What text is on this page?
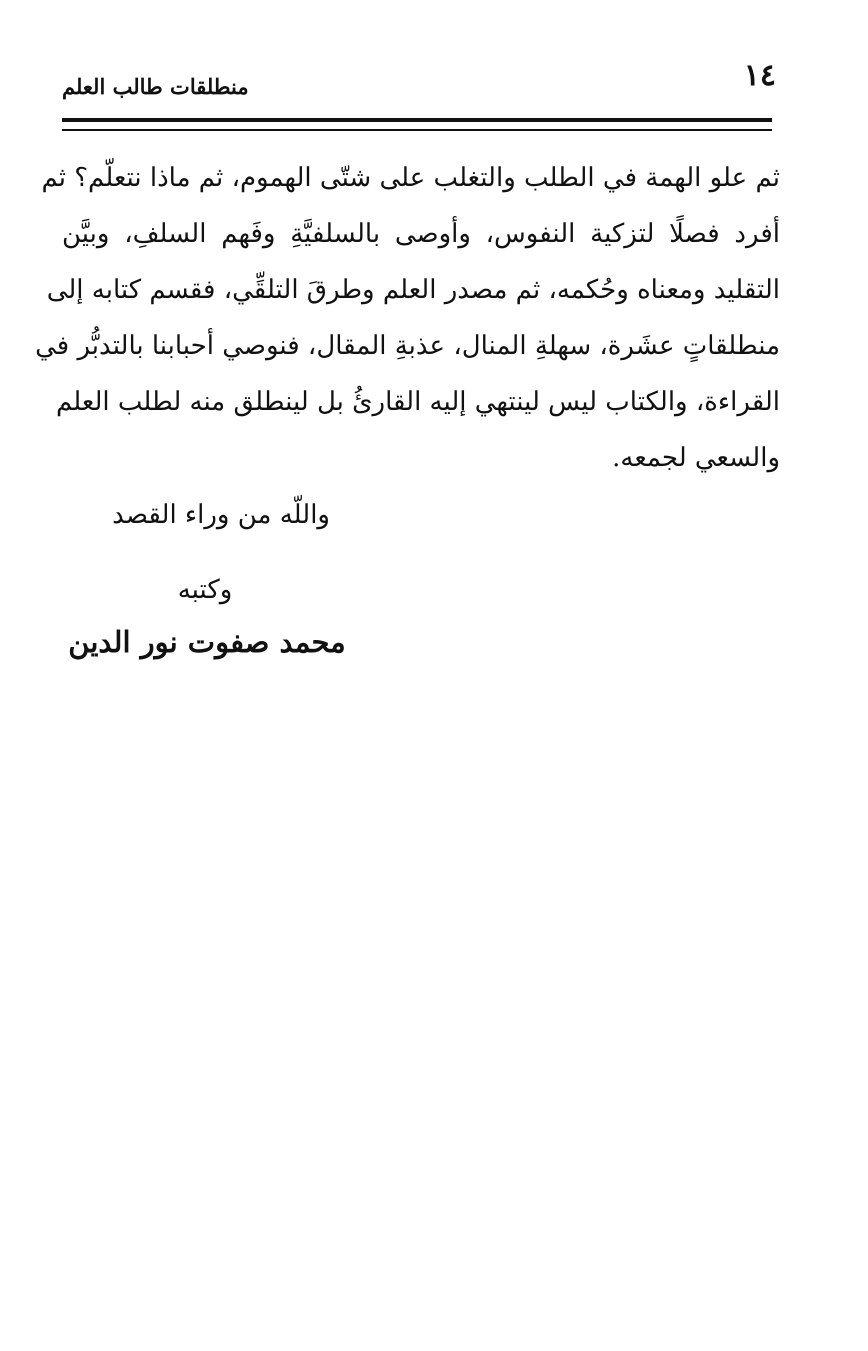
منطلقات طالب العلم	١٤
ثم علو الهمة في الطلب والتغلب على شتّى الهموم، ثم ماذا نتعلّم؟ ثم
أفرد فصلًا لتزكية النفوس، وأوصى بالسلفيَّةِ وفَهم السلفِ، وبيَّن
التقليد ومعناه وحُكمه، ثم مصدر العلم وطرقَ التلقِّي، فقسم كتابه إلى
منطلقاتٍ عشَرة، سهلةِ المنال، عذبةِ المقال، فنوصي أحبابنا بالتدبُّر في
القراءة، والكتاب ليس لينتهي إليه القارئُ بل لينطلق منه لطلب العلم
والسعي لجمعه.
واللّه من وراء القصد
وكتبه
محمد صفوت نور الدين
